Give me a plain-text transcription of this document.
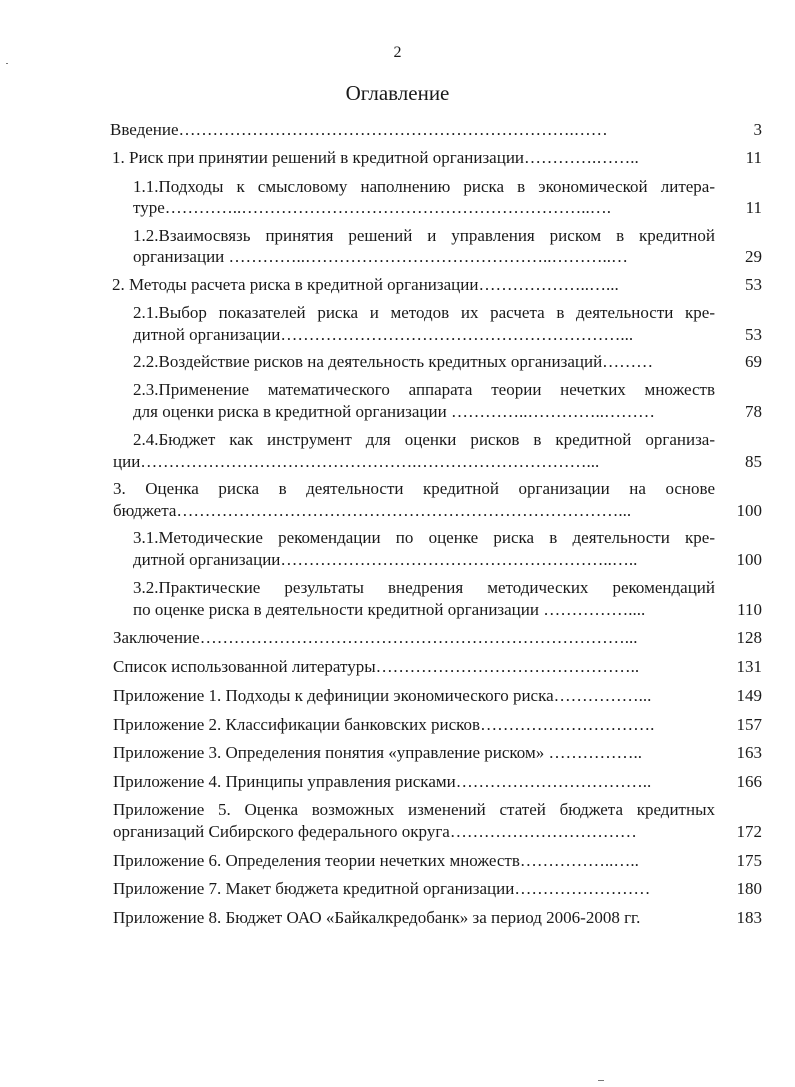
2
Оглавление
Введение…………………………………………………………….……	3
1. Риск при принятии решений в кредитной организации………….……..	11
1.1.Подходы к смысловому наполнению риска в экономической литера-
туре…………..……………………………………………………..….	11
1.2.Взаимосвязь принятия решений и управления риском в кредитной
организации …………..……………………………………..………..…	29
2. Методы расчета риска в кредитной организации………………..…...	53
2.1.Выбор показателей риска и методов их расчета в деятельности кре-
дитной организации……………………………………………………...	53
2.2.Воздействие рисков на деятельность кредитных организаций………	69
2.3.Применение математического аппарата теории нечетких множеств
для оценки риска в кредитной организации …………..…………..………	78
2.4.Бюджет как инструмент для оценки рисков в кредитной организа-
ции………………………………………….…………………………...	85
3. Оценка риска в деятельности кредитной организации на основе
бюджета……………………………………………………………………...	100
3.1.Методические рекомендации по оценке риска в деятельности кре-
дитной организации…………………………………………………..…..	100
3.2.Практические результаты внедрения методических рекомендаций
по оценке риска в деятельности кредитной организации ……………....	110
Заключение…………………………………………………………………...	128
Список использованной литературы………………………………………..	131
Приложение 1. Подходы к дефиниции экономического риска……………...	149
Приложение 2. Классификации банковских рисков………………………….	157
Приложение 3. Определения понятия «управление риском» ……………..	163
Приложение 4. Принципы управления рисками……………………………..	166
Приложение 5. Оценка возможных изменений статей бюджета кредитных
организаций Сибирского федерального округа……………………………	172
Приложение 6. Определения теории нечетких множеств……………..…..	175
Приложение 7. Макет бюджета кредитной организации……………………	180
Приложение 8. Бюджет ОАО «Байкалкредобанк» за период 2006-2008 гг.	183
